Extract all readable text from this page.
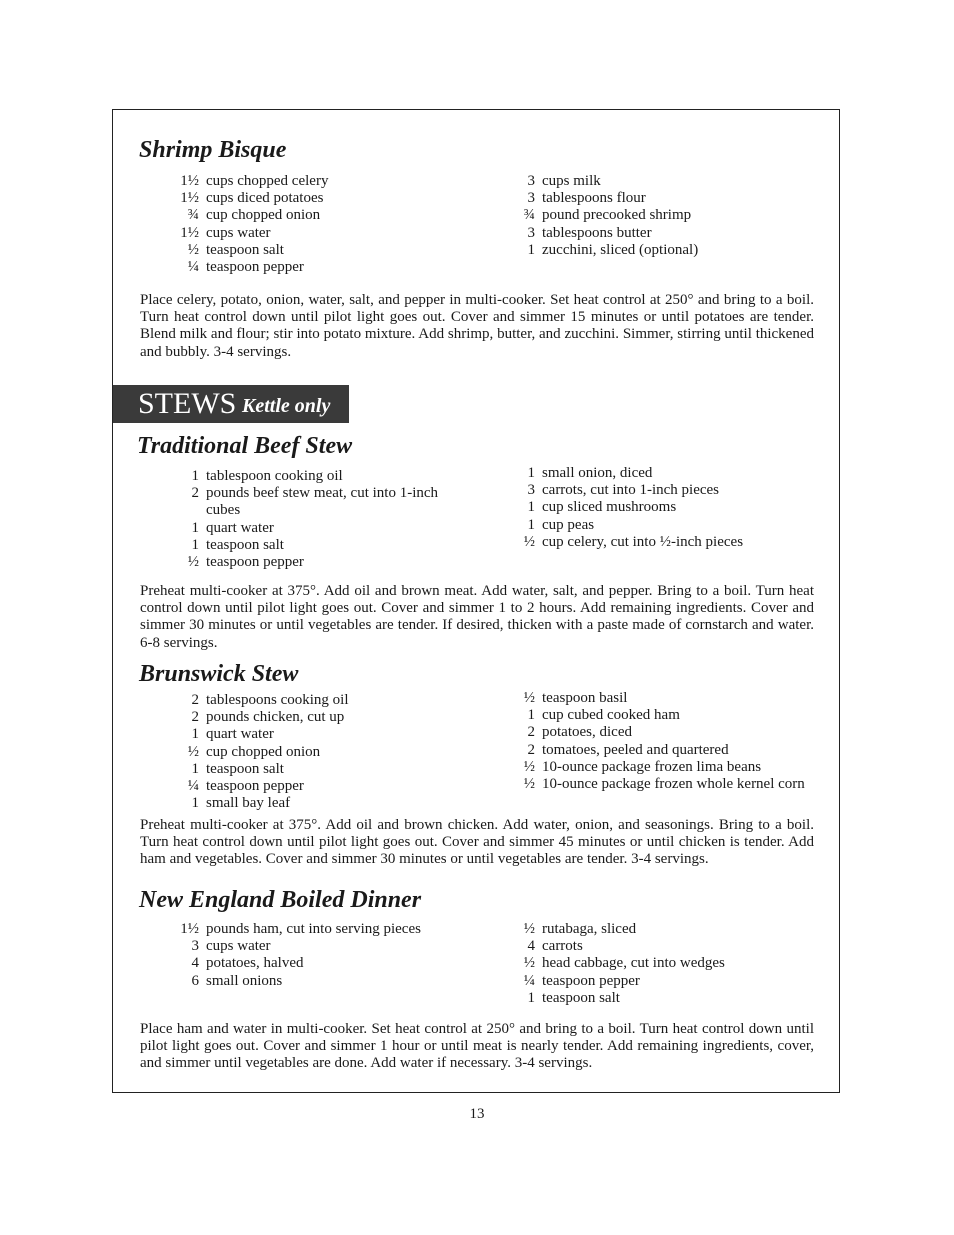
Shrimp Bisque
1½ cups chopped celery
1½ cups diced potatoes
¾ cup chopped onion
1½ cups water
½ teaspoon salt
¼ teaspoon pepper
3 cups milk
3 tablespoons flour
¾ pound precooked shrimp
3 tablespoons butter
1 zucchini, sliced (optional)

Place celery, potato, onion, water, salt, and pepper in multi-cooker. Set heat control at 250° and bring to a boil. Turn heat control down until pilot light goes out. Cover and simmer 15 minutes or until potatoes are tender. Blend milk and flour; stir into potato mixture. Add shrimp, butter, and zucchini. Simmer, stirring until thickened and bubbly. 3-4 servings.

STEWS Kettle only
Traditional Beef Stew
1 tablespoon cooking oil
2 pounds beef stew meat, cut into 1-inch cubes
1 quart water
1 teaspoon salt
½ teaspoon pepper
1 small onion, diced
3 carrots, cut into 1-inch pieces
1 cup sliced mushrooms
1 cup peas
½ cup celery, cut into ½-inch pieces

Preheat multi-cooker at 375°. Add oil and brown meat. Add water, salt, and pepper. Bring to a boil. Turn heat control down until pilot light goes out. Cover and simmer 1 to 2 hours. Add remaining ingredients. Cover and simmer 30 minutes or until vegetables are tender. If desired, thicken with a paste made of cornstarch and water. 6-8 servings.

Brunswick Stew
2 tablespoons cooking oil
2 pounds chicken, cut up
1 quart water
½ cup chopped onion
1 teaspoon salt
¼ teaspoon pepper
1 small bay leaf
½ teaspoon basil
1 cup cubed cooked ham
2 potatoes, diced
2 tomatoes, peeled and quartered
½ 10-ounce package frozen lima beans
½ 10-ounce package frozen whole kernel corn

Preheat multi-cooker at 375°. Add oil and brown chicken. Add water, onion, and seasonings. Bring to a boil. Turn heat control down until pilot light goes out. Cover and simmer 45 minutes or until chicken is tender. Add ham and vegetables. Cover and simmer 30 minutes or until vegetables are tender. 3-4 servings.

New England Boiled Dinner
1½ pounds ham, cut into serving pieces
3 cups water
4 potatoes, halved
6 small onions
½ rutabaga, sliced
4 carrots
½ head cabbage, cut into wedges
¼ teaspoon pepper
1 teaspoon salt

Place ham and water in multi-cooker. Set heat control at 250° and bring to a boil. Turn heat control down until pilot light goes out. Cover and simmer 1 hour or until meat is nearly tender. Add remaining ingredients, cover, and simmer until vegetables are done. Add water if necessary. 3-4 servings.

13
